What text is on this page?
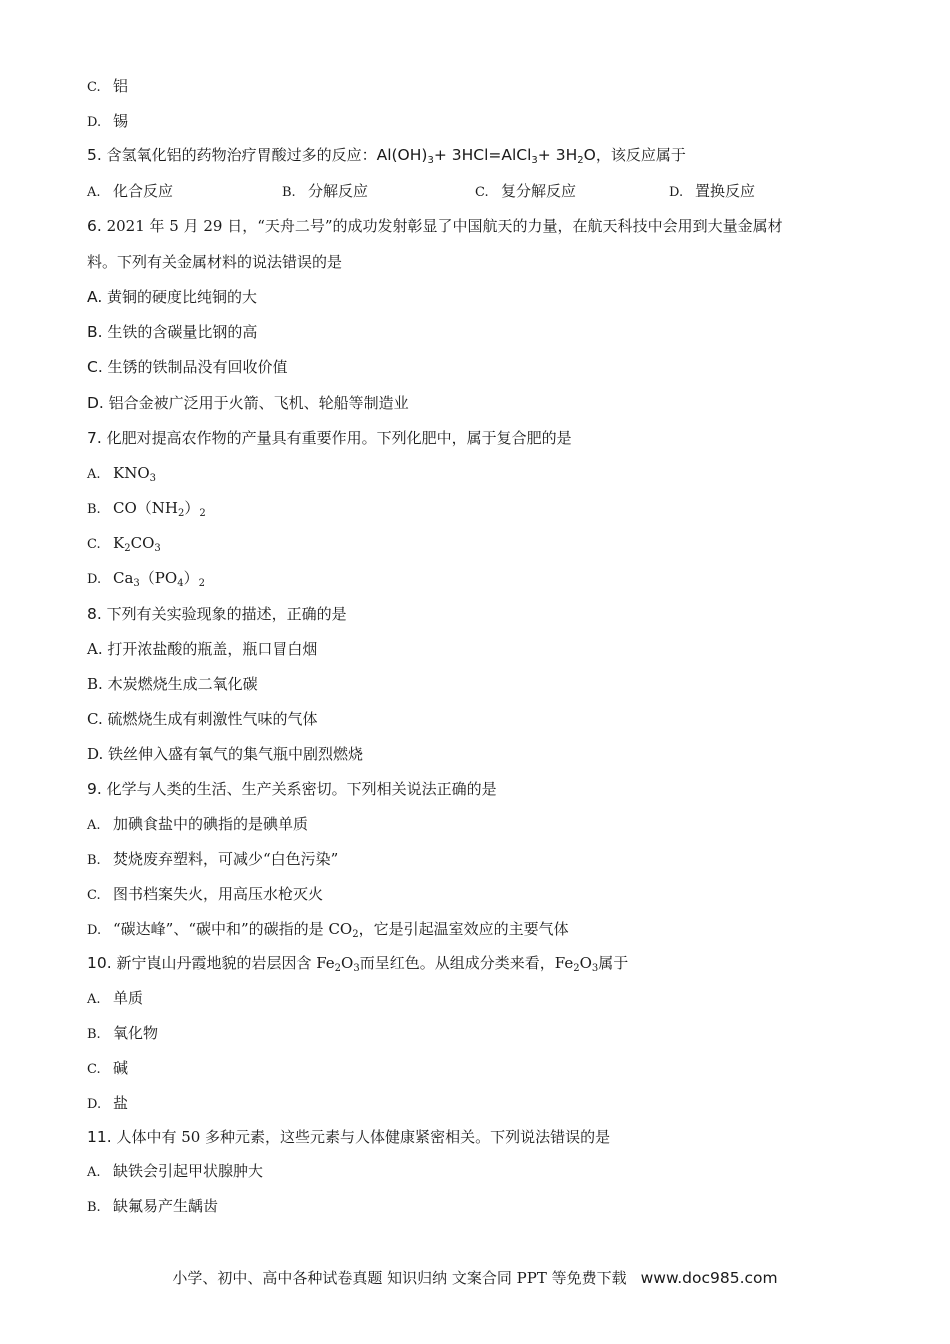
C. 铝
D. 锡
5. 含氢氧化铝的药物治疗胃酸过多的反应：$Al(OH)_3+$ 3HCl=AlCl$_3$+ $3H_2O$，该反应属于
A. 化合反应	B. 分解反应	C. 复分解反应	D. 置换反应
6. 2021 年 5 月 29 日，“天舟二号”的成功发射彰显了中国航天的力量，在航天科技中会用到大量金属材
料。下列有关金属材料的说法错误的是
A. 黄铜的硬度比纯铜的大
B. 生铁的含碳量比钢的高
C. 生锈的铁制品没有回收价值
D. 铝合金被广泛用于火箭、飞机、轮船等制造业
7. 化肥对提高农作物的产量具有重要作用。下列化肥中，属于复合肥的是
A. $KNO_3$
B. $CO(NH_2)_2$
C. $K_2CO_3$
D. $Ca_3(PO_4)_2$
8. 下列有关实验现象的描述，正确的是
A. 打开浓盐酸的瓶盖，瓶口冒白烟
B. 木炭燃烧生成二氧化碳
C. 硫燃烧生成有刺激性气味的气体
D. 铁丝伸入盛有氧气的集气瓶中剧烈燃烧
9. 化学与人类的生活、生产关系密切。下列相关说法正确的是
A. 加碘食盐中的碘指的是碘单质
B. 焚烧废弃塑料，可减少“白色污染”
C. 图书档案失火，用高压水枪灭火
D. “碳达峰”、“碳中和”的碳指的是 $CO_2$，它是引起温室效应的主要气体
10. 新宁崀山丹霞地貌的岩层因含 $Fe_2O_3$而呈红色。从组成分类来看，$Fe_2O_3$属于
A. 单质
B. 氧化物
C. 碱
D. 盐
11. 人体中有 50 多种元素，这些元素与人体健康紧密相关。下列说法错误的是
A. 缺铁会引起甲状腺肿大
B. 缺氟易产生龋齿
小学、初中、高中各种试卷真题 知识归纳 文案合同 PPT 等免费下载 www.doc985.com
